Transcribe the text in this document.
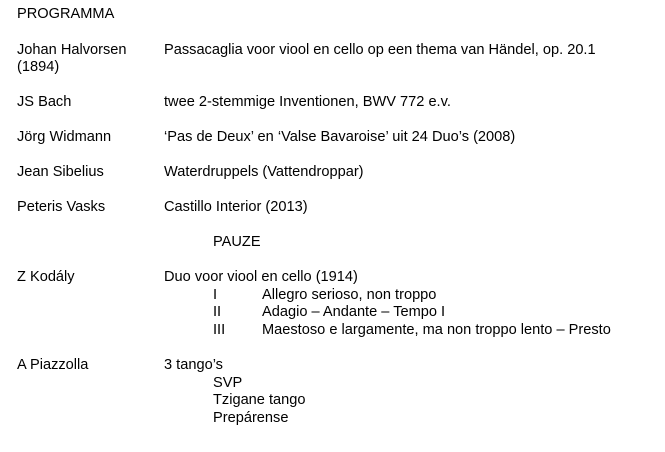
PROGRAMMA
Johan Halvorsen	Passacaglia voor viool en cello op een thema van Händel, op. 20.1
(1894)
JS Bach	twee 2-stemmige Inventionen, BWV 772 e.v.
Jörg Widmann	‘Pas de Deux’ en ‘Valse Bavaroise’ uit 24 Duo’s (2008)
Jean Sibelius	Waterdruppels (Vattendroppar)
Peteris Vasks	Castillo Interior (2013)
PAUZE
Z Kodály	Duo voor viool en cello (1914)
I	Allegro serioso, non troppo
II	Adagio – Andante – Tempo I
III	Maestoso e largamente, ma non troppo lento – Presto
A Piazzolla	3 tango’s
SVP
Tzigane tango
Prepárense
